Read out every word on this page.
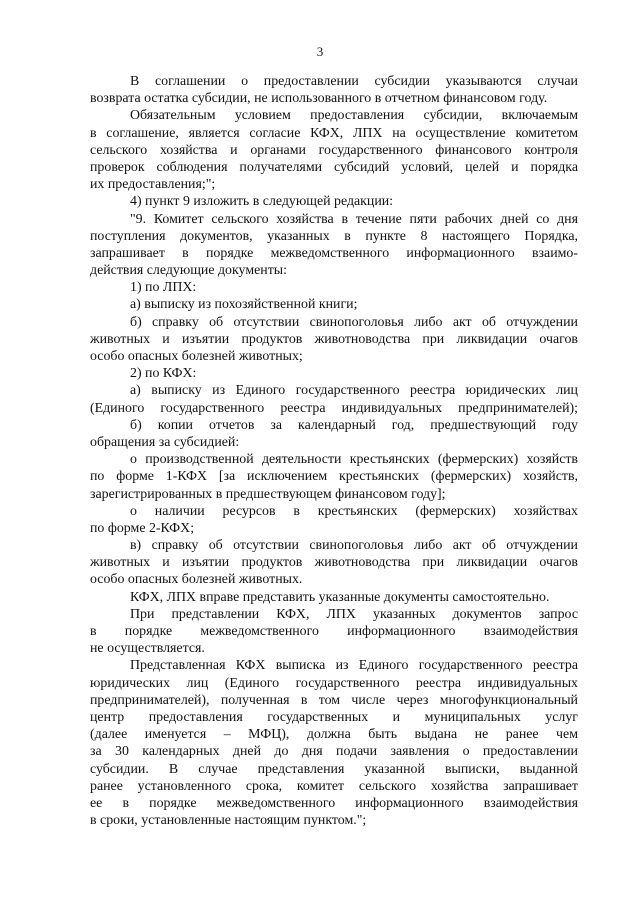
3
В соглашении о предоставлении субсидии указываются случаи
возврата остатка субсидии, не использованного в отчетном финансовом году.
Обязательным условием предоставления субсидии, включаемым
в соглашение, является согласие КФХ, ЛПХ на осуществление комитетом
сельского хозяйства и органами государственного финансового контроля
проверок соблюдения получателями субсидий условий, целей и порядка
их предоставления;";
4) пункт 9 изложить в следующей редакции:
"9. Комитет сельского хозяйства в течение пяти рабочих дней со дня
поступления документов, указанных в пункте 8 настоящего Порядка,
запрашивает в порядке межведомственного информационного взаимо-
действия следующие документы:
1) по ЛПХ:
а) выписку из похозяйственной книги;
б) справку об отсутствии свинопоголовья либо акт об отчуждении
животных и изъятии продуктов животноводства при ликвидации очагов
особо опасных болезней животных;
2) по КФХ:
а) выписку из Единого государственного реестра юридических лиц
(Единого государственного реестра индивидуальных предпринимателей);
б) копии отчетов за календарный год, предшествующий году
обращения за субсидией:
о производственной деятельности крестьянских (фермерских) хозяйств
по форме 1-КФХ [за исключением крестьянских (фермерских) хозяйств,
зарегистрированных в предшествующем финансовом году];
о наличии ресурсов в крестьянских (фермерских) хозяйствах
по форме 2-КФХ;
в) справку об отсутствии свинопоголовья либо акт об отчуждении
животных и изъятии продуктов животноводства при ликвидации очагов
особо опасных болезней животных.
КФХ, ЛПХ вправе представить указанные документы самостоятельно.
При представлении КФХ, ЛПХ указанных документов запрос
в порядке межведомственного информационного взаимодействия
не осуществляется.
Представленная КФХ выписка из Единого государственного реестра
юридических лиц (Единого государственного реестра индивидуальных
предпринимателей), полученная в том числе через многофункциональный
центр предоставления государственных и муниципальных услуг
(далее именуется – МФЦ), должна быть выдана не ранее чем
за 30 календарных дней до дня подачи заявления о предоставлении
субсидии. В случае представления указанной выписки, выданной
ранее установленного срока, комитет сельского хозяйства запрашивает
ее в порядке межведомственного информационного взаимодействия
в сроки, установленные настоящим пунктом.";
